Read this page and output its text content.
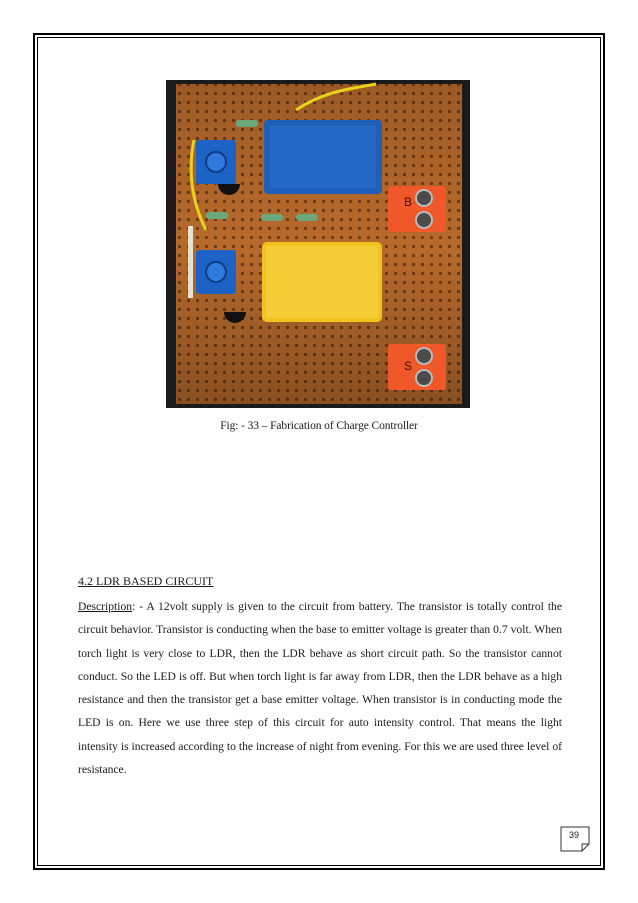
B
S
Fig: - 33 – Fabrication of Charge Controller
4.2 LDR BASED CIRCUIT

Description: - A 12volt supply is given to the circuit from battery. The transistor is totally control the circuit behavior. Transistor is conducting when the base to emitter voltage is greater than 0.7 volt. When torch light is very close to LDR, then the LDR behave as short circuit path. So the transistor cannot conduct. So the LED is off. But when torch light is far away from LDR, then the LDR behave as a high resistance and then the transistor get a base emitter voltage. When transistor is in conducting mode the LED is on. Here we use three step of this circuit for auto intensity control. That means the light intensity is increased according to the increase of night from evening. For this we are used three level of resistance.

39
